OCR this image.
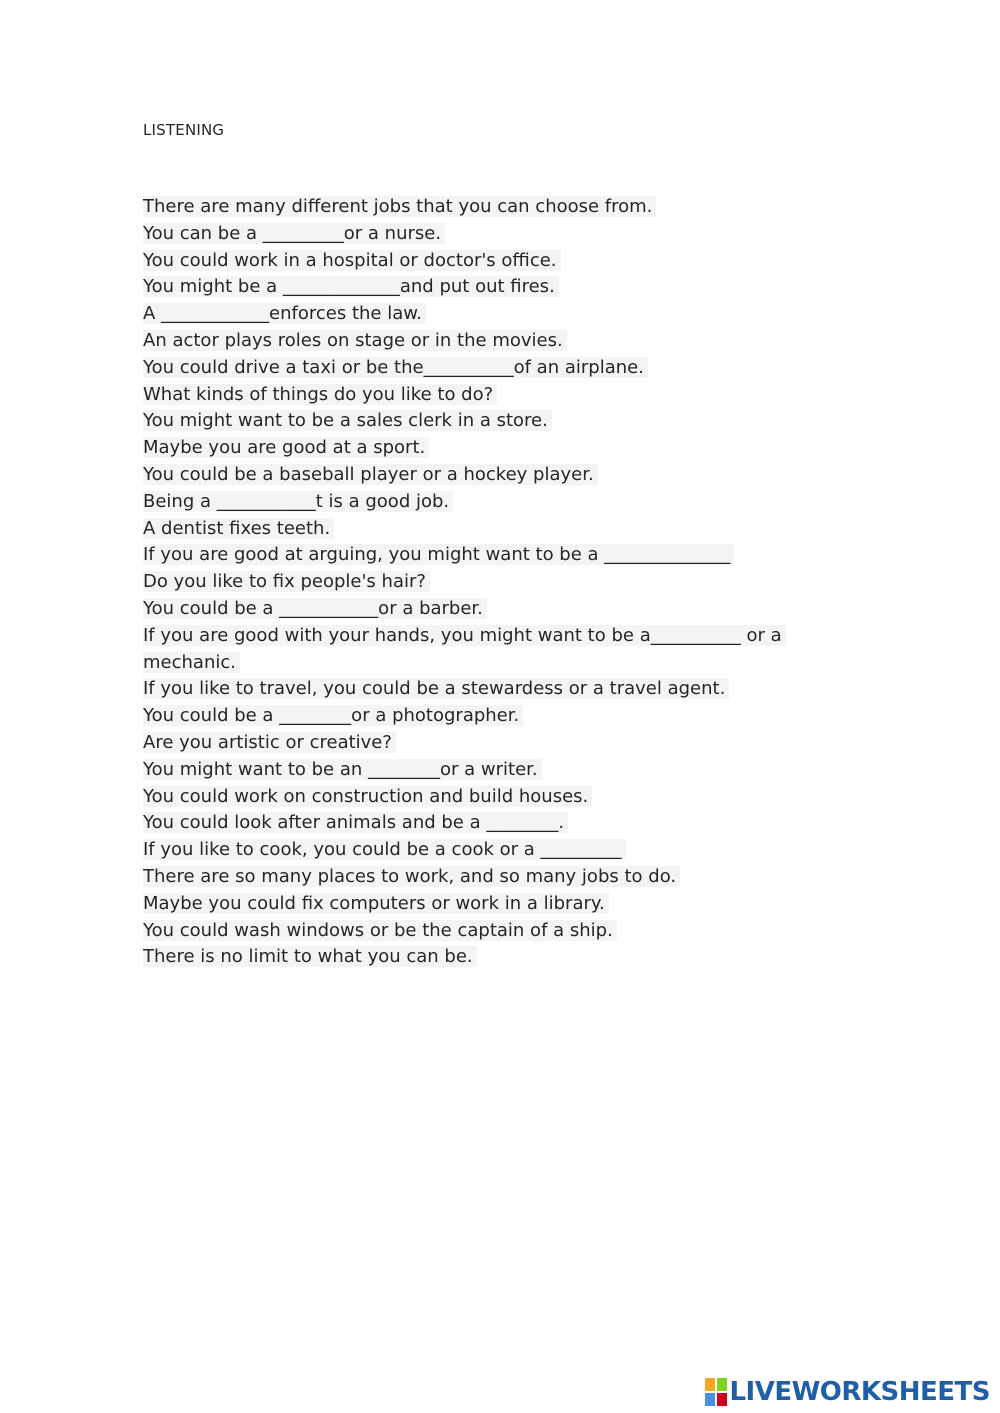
LISTENING
There are many different jobs that you can choose from.
You can be a _________or a nurse.
You could work in a hospital or doctor's office.
You might be a _____________and put out fires.
A ____________enforces the law.
An actor plays roles on stage or in the movies.
You could drive a taxi or be the__________of an airplane.
What kinds of things do you like to do?
You might want to be a sales clerk in a store.
Maybe you are good at a sport.
You could be a baseball player or a hockey player.
Being a ___________t is a good job.
A dentist fixes teeth.
If you are good at arguing, you might want to be a ______________
Do you like to fix people's hair?
You could be a ___________or a barber.
If you are good with your hands, you might want to be a__________ or a mechanic.
If you like to travel, you could be a stewardess or a travel agent.
You could be a ________or a photographer.
Are you artistic or creative?
You might want to be an ________or a writer.
You could work on construction and build houses.
You could look after animals and be a ________.
If you like to cook, you could be a cook or a _________
There are so many places to work, and so many jobs to do.
Maybe you could fix computers or work in a library.
You could wash windows or be the captain of a ship.
There is no limit to what you can be.
LIVEWORKSHEETS
